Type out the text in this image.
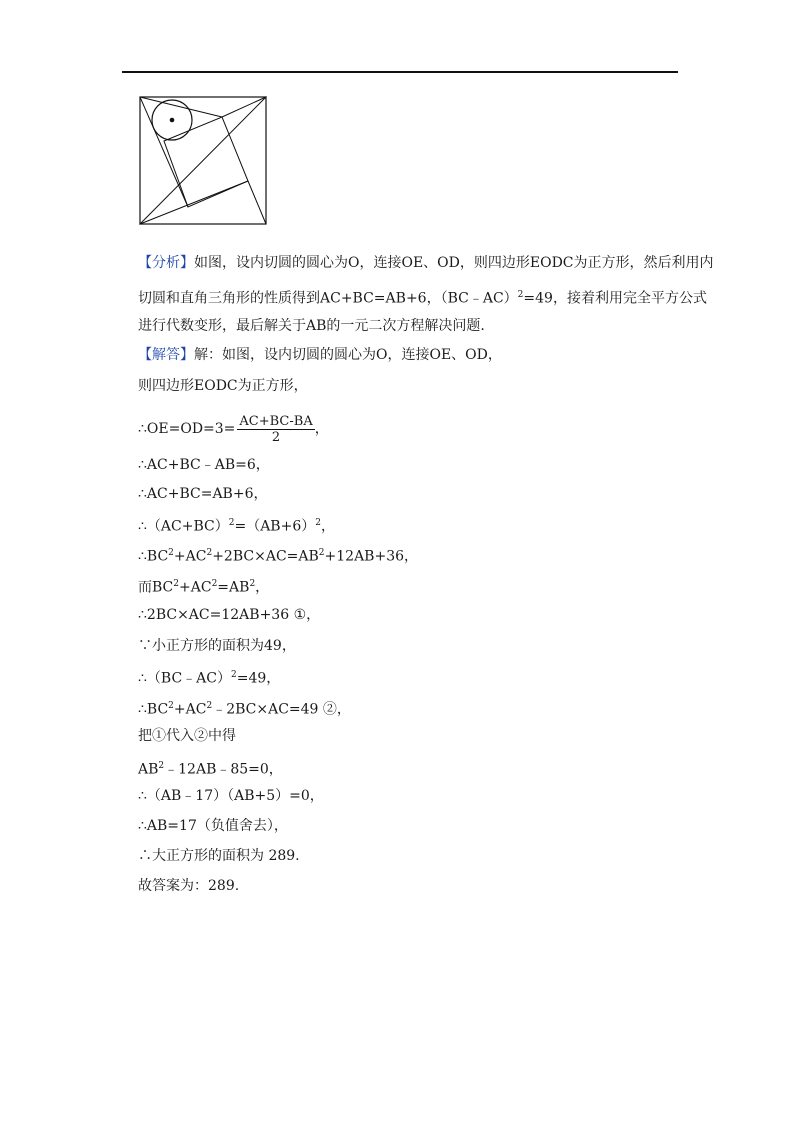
【分析】如图，设内切圆的圆心为O，连接OE、OD，则四边形EODC为正方形，然后利用内
切圆和直角三角形的性质得到AC+BC=AB+6，（BC﹣AC）$^2$=49，接着利用完全平方公式
进行代数变形，最后解关于AB的一元二次方程解决问题.
【解答】解：如图，设内切圆的圆心为O，连接OE、OD，
则四边形EODC为正方形，
∴OE=OD=3= $\frac{AC+BC-BA}{2}$ ，
∴AC+BC﹣AB=6，
∴AC+BC=AB+6，
$\therefore(AC+BC)^2=(AB+6)^2$，
$\therefore BC^2+AC^2+2BC\times AC=AB^2+12AB+36$，
而$BC^2+AC^2=AB^2$，
∴2BC×AC=12AB+36 ①，
∵小正方形的面积为49，
∴（BC﹣AC）$^2$=49，
$\therefore BC^2+AC^2﹣2BC\times AC=49$ ②，
把①代入②中得
$AB^2﹣12AB﹣85=0$，
∴（AB﹣17）（AB+5）=0，
∴AB=17（负值舍去），
∴大正方形的面积为 289.
故答案为：289.
